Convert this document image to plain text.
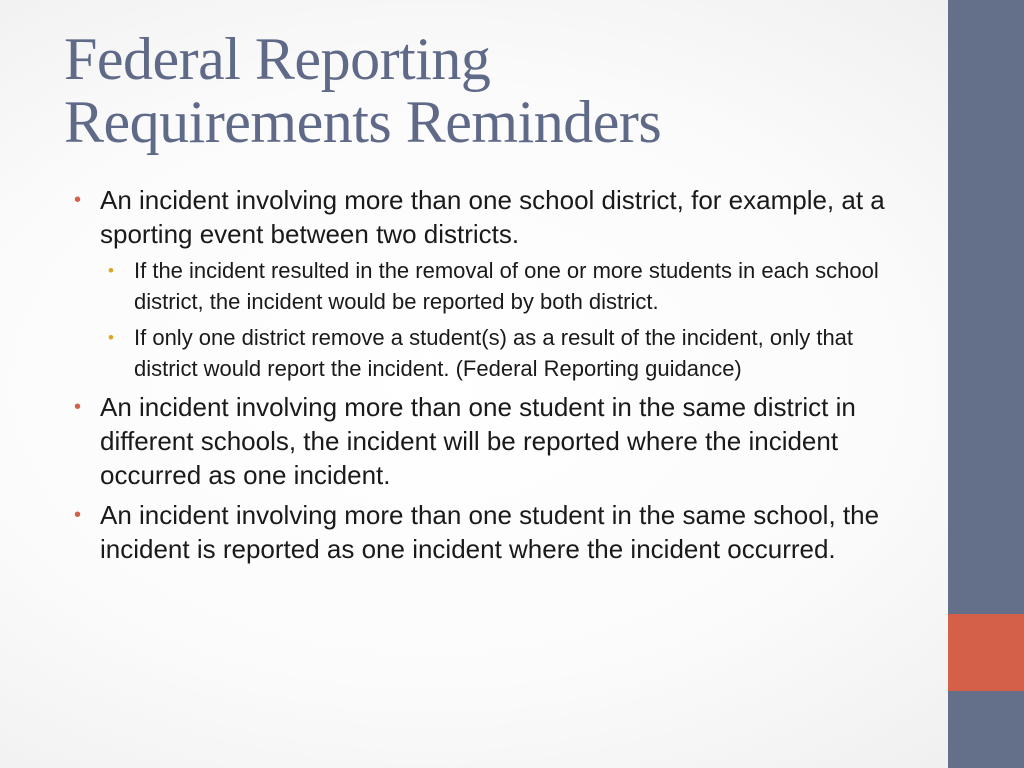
Federal Reporting
Requirements Reminders
• An incident involving more than one school district, for example, at a sporting event between two districts.
• If the incident resulted in the removal of one or more students in each school district, the incident would be reported by both district.
• If only one district remove a student(s) as a result of the incident, only that district would report the incident. (Federal Reporting guidance)
• An incident involving more than one student in the same district in different schools, the incident will be reported where the incident occurred as one incident.
• An incident involving more than one student in the same school, the incident is reported as one incident where the incident occurred.
